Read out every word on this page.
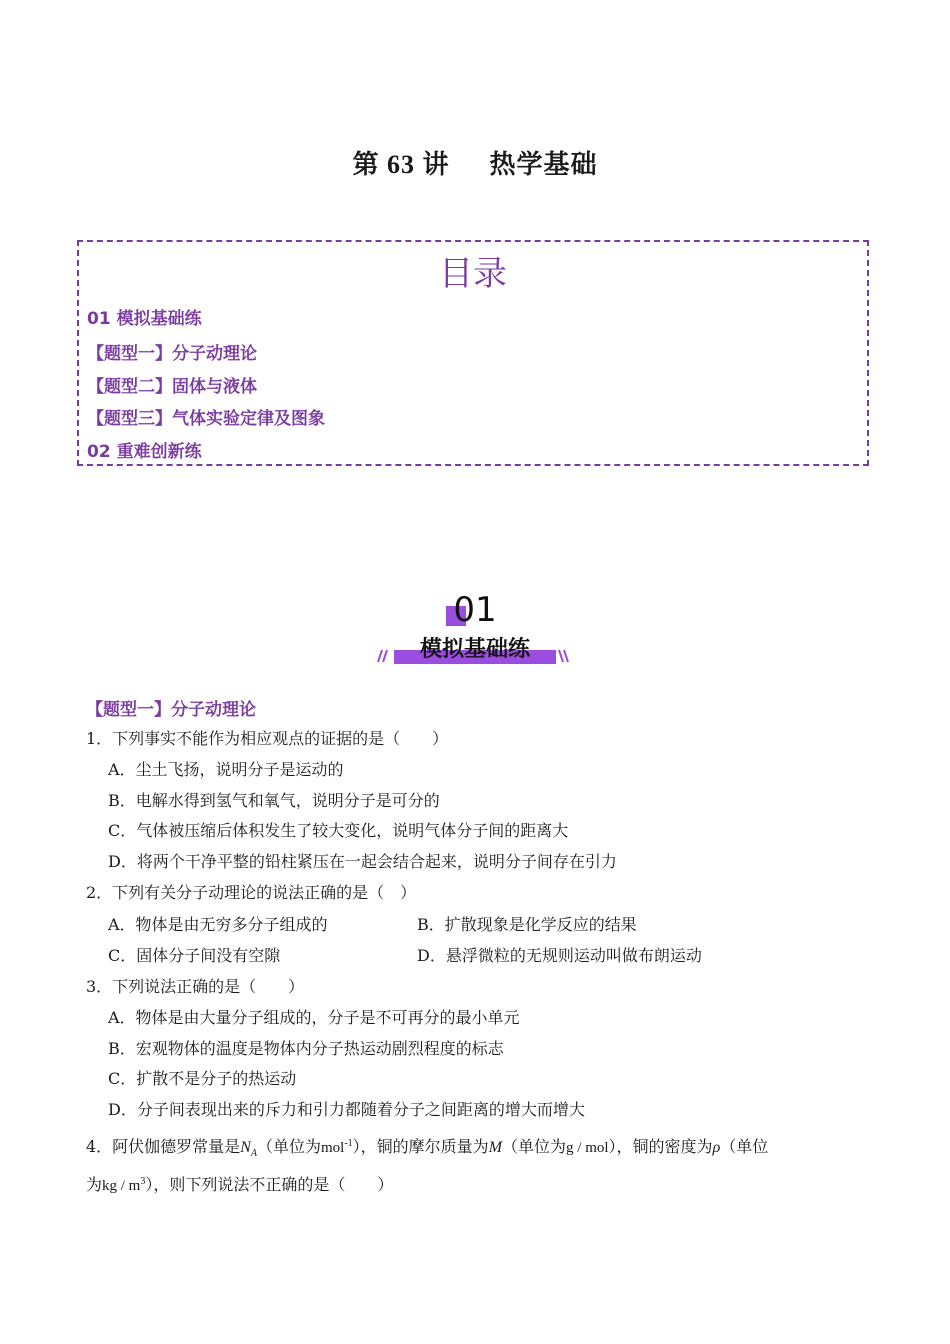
第 63 讲 热学基础
目录
01 模拟基础练
【题型一】分子动理论
【题型二】固体与液体
【题型三】气体实验定律及图象
02 重难创新练
01
模拟基础练
【题型一】分子动理论
1．下列事实不能作为相应观点的证据的是（　　）
A．尘土飞扬，说明分子是运动的
B．电解水得到氢气和氧气，说明分子是可分的
C．气体被压缩后体积发生了较大变化，说明气体分子间的距离大
D．将两个干净平整的铅柱紧压在一起会结合起来，说明分子间存在引力
2．下列有关分子动理论的说法正确的是（　）
A．物体是由无穷多分子组成的	B．扩散现象是化学反应的结果
C．固体分子间没有空隙	D．悬浮微粒的无规则运动叫做布朗运动
3．下列说法正确的是（　　）
A．物体是由大量分子组成的，分子是不可再分的最小单元
B．宏观物体的温度是物体内分子热运动剧烈程度的标志
C．扩散不是分子的热运动
D．分子间表现出来的斥力和引力都随着分子之间距离的增大而增大
4．阿伏伽德罗常量是$N_A$（单位为mol$^{-1}$），铜的摩尔质量为M（单位为g / mol），铜的密度为ρ（单位
为kg / $m^3$），则下列说法不正确的是（　　）
